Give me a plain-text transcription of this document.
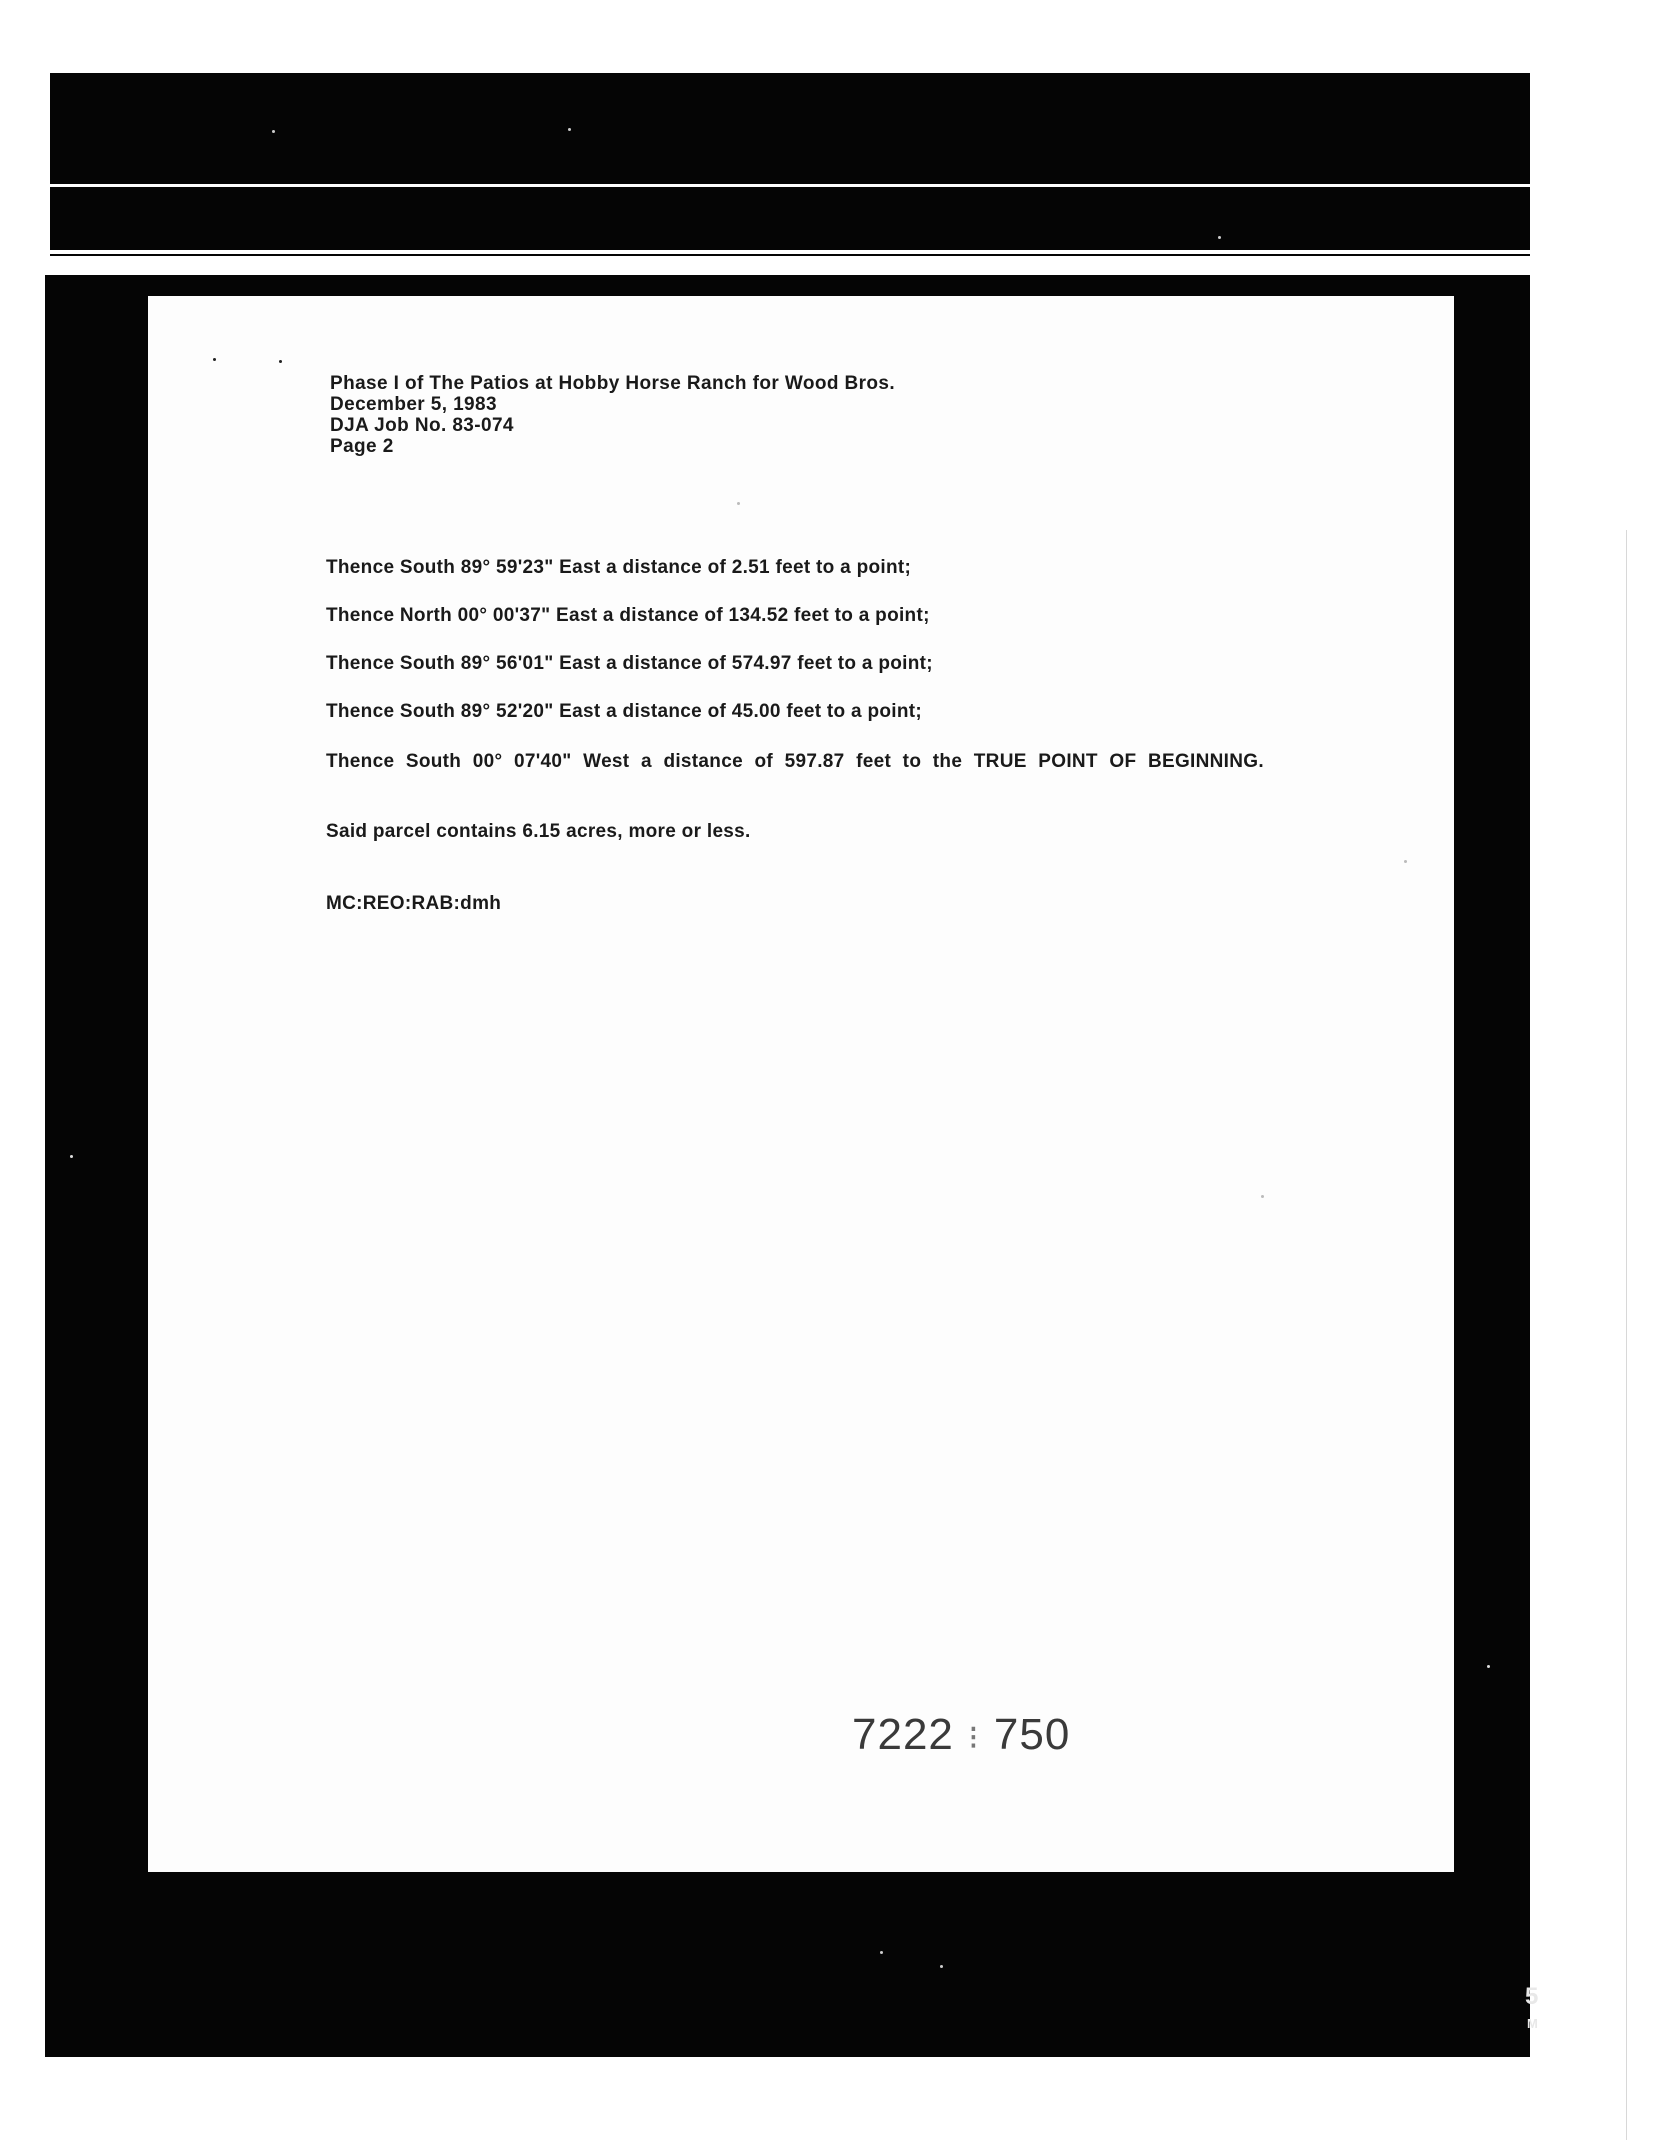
Phase I of The Patios at Hobby Horse Ranch for Wood Bros.
December 5, 1983
DJA Job No. 83-074
Page 2
Thence South 89° 59'23" East a distance of 2.51 feet to a point;
Thence North 00° 00'37" East a distance of 134.52 feet to a point;
Thence South 89° 56'01" East a distance of 574.97 feet to a point;
Thence South 89° 52'20" East a distance of 45.00 feet to a point;
Thence South 00° 07'40" West a distance of 597.87 feet to the TRUE POINT OF BEGINNING.
Said parcel contains 6.15 acres, more or less.
MC:REO:RAB:dmh
7222 ⁝ 750
5
M
